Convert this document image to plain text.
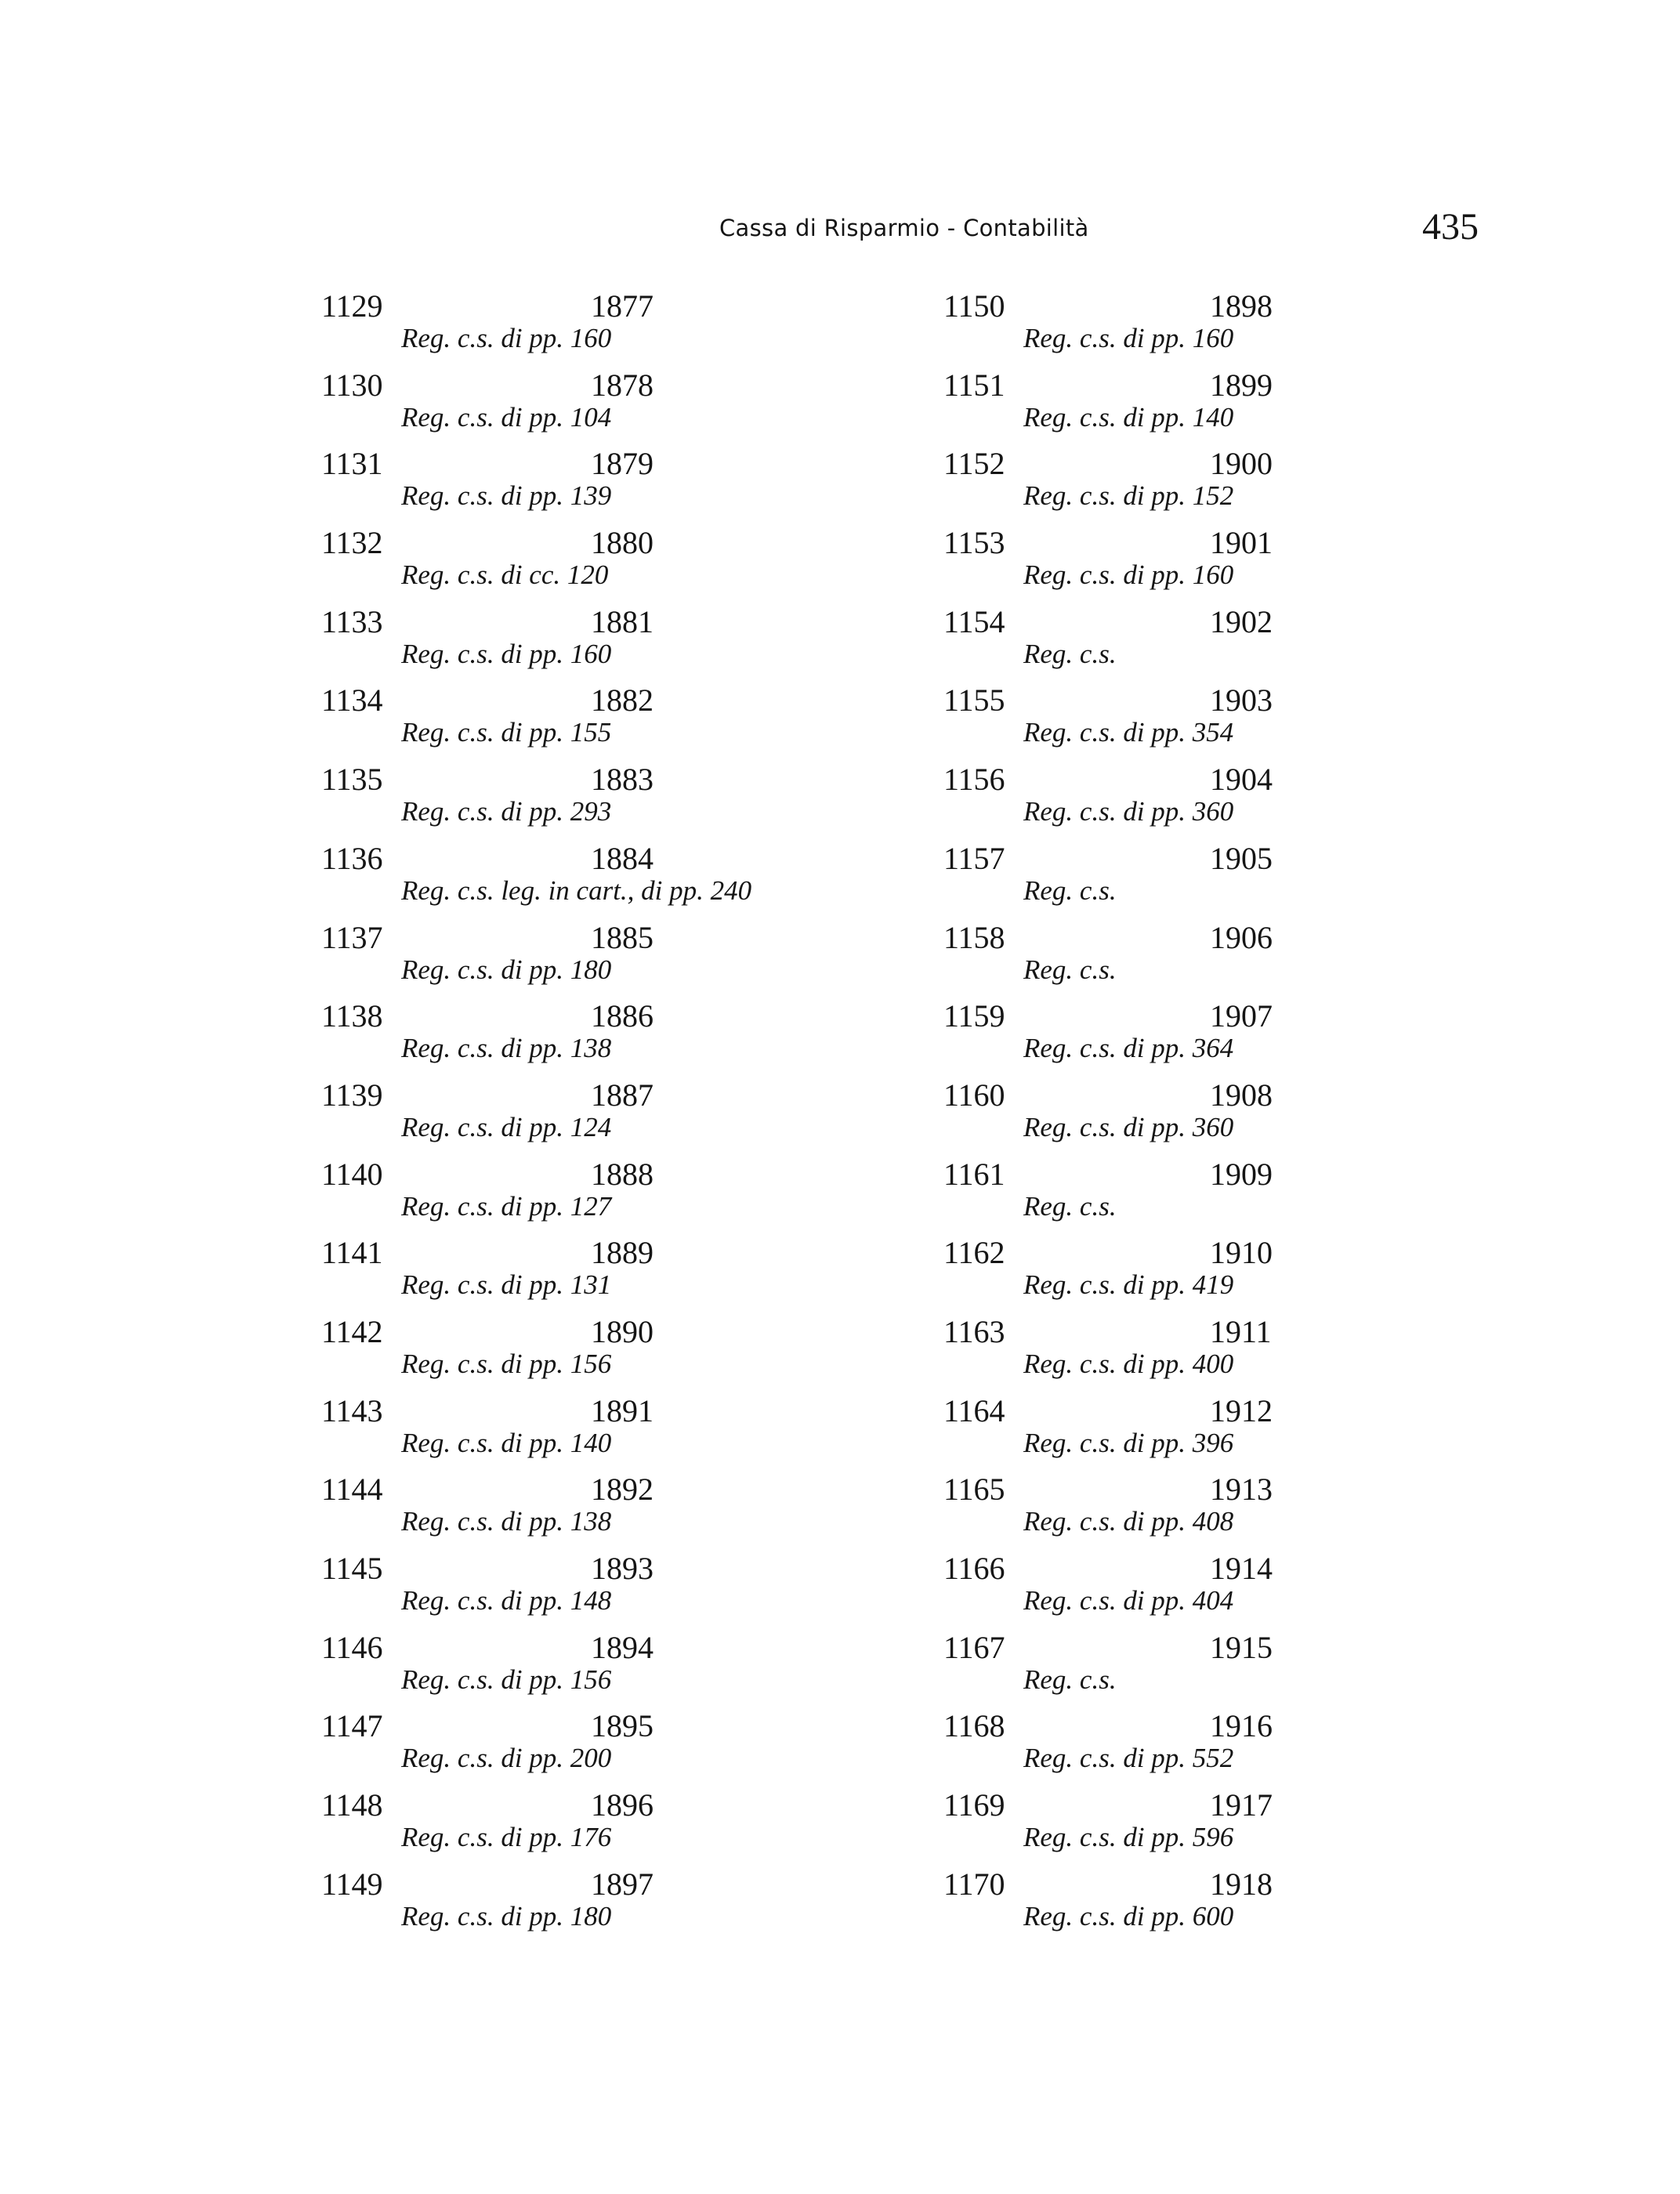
Cassa di Risparmio - Contabilità	435
1129	1877
Reg. c.s. di pp. 160
1130	1878
Reg. c.s. di pp. 104
1131	1879
Reg. c.s. di pp. 139
1132	1880
Reg. c.s. di cc. 120
1133	1881
Reg. c.s. di pp. 160
1134	1882
Reg. c.s. di pp. 155
1135	1883
Reg. c.s. di pp. 293
1136	1884
Reg. c.s. leg. in cart., di pp. 240
1137	1885
Reg. c.s. di pp. 180
1138	1886
Reg. c.s. di pp. 138
1139	1887
Reg. c.s. di pp. 124
1140	1888
Reg. c.s. di pp. 127
1141	1889
Reg. c.s. di pp. 131
1142	1890
Reg. c.s. di pp. 156
1143	1891
Reg. c.s. di pp. 140
1144	1892
Reg. c.s. di pp. 138
1145	1893
Reg. c.s. di pp. 148
1146	1894
Reg. c.s. di pp. 156
1147	1895
Reg. c.s. di pp. 200
1148	1896
Reg. c.s. di pp. 176
1149	1897
Reg. c.s. di pp. 180
1150	1898
Reg. c.s. di pp. 160
1151	1899
Reg. c.s. di pp. 140
1152	1900
Reg. c.s. di pp. 152
1153	1901
Reg. c.s. di pp. 160
1154	1902
Reg. c.s.
1155	1903
Reg. c.s. di pp. 354
1156	1904
Reg. c.s. di pp. 360
1157	1905
Reg. c.s.
1158	1906
Reg. c.s.
1159	1907
Reg. c.s. di pp. 364
1160	1908
Reg. c.s. di pp. 360
1161	1909
Reg. c.s.
1162	1910
Reg. c.s. di pp. 419
1163	1911
Reg. c.s. di pp. 400
1164	1912
Reg. c.s. di pp. 396
1165	1913
Reg. c.s. di pp. 408
1166	1914
Reg. c.s. di pp. 404
1167	1915
Reg. c.s.
1168	1916
Reg. c.s. di pp. 552
1169	1917
Reg. c.s. di pp. 596
1170	1918
Reg. c.s. di pp. 600
